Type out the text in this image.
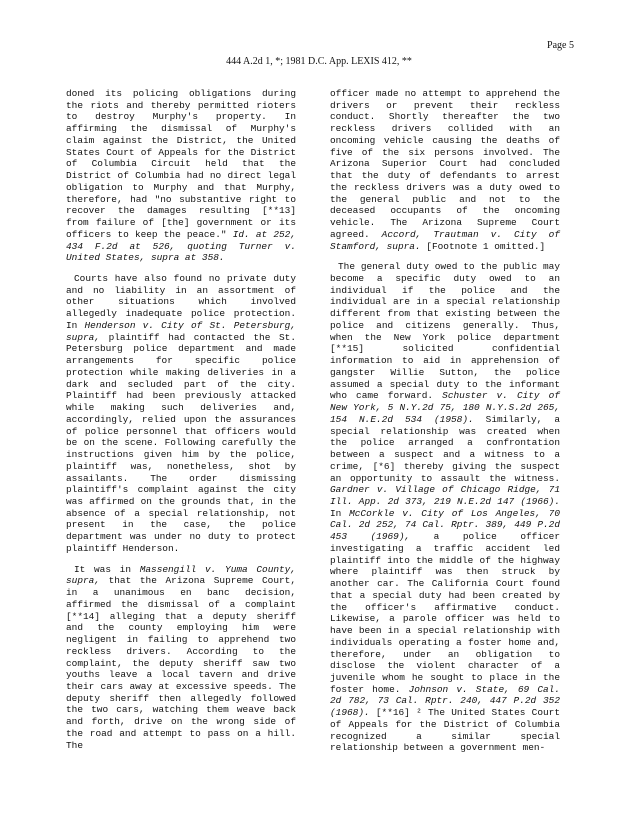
Page 5
444 A.2d 1, *; 1981 D.C. App. LEXIS 412, **

doned its policing obligations during the riots and thereby permitted rioters to destroy Murphy's property. In affirming the dismissal of Murphy's claim against the District, the United States Court of Appeals for the District of Columbia Circuit held that the District of Columbia had no direct legal obligation to Murphy and that Murphy, therefore, had "no substantive right to recover the damages resulting [**13] from failure of [the] government or its officers to keep the peace." Id. at 252, 434 F.2d at 526, quoting Turner v. United States, supra at 358.

Courts have also found no private duty and no liability in an assortment of other situations which involved allegedly inadequate police protection. In Henderson v. City of St. Petersburg, supra, plaintiff had contacted the St. Petersburg police department and made arrangements for specific police protection while making deliveries in a dark and secluded part of the city. Plaintiff had been previously attacked while making such deliveries and, accordingly, relied upon the assurances of police personnel that officers would be on the scene. Following carefully the instructions given him by the police, plaintiff was, nonetheless, shot by assailants. The order dismissing plaintiff's complaint against the city was affirmed on the grounds that, in the absence of a special relationship, not present in the case, the police department was under no duty to protect plaintiff Henderson.

It was in Massengill v. Yuma County, supra, that the Arizona Supreme Court, in a unanimous en banc decision, affirmed the dismissal of a complaint [**14] alleging that a deputy sheriff and the county employing him were negligent in failing to apprehend two reckless drivers. According to the complaint, the deputy sheriff saw two youths leave a local tavern and drive their cars away at excessive speeds. The deputy sheriff then allegedly followed the two cars, watching them weave back and forth, drive on the wrong side of the road and attempt to pass on a hill. The

officer made no attempt to apprehend the drivers or prevent their reckless conduct. Shortly thereafter the two reckless drivers collided with an oncoming vehicle causing the deaths of five of the six persons involved. The Arizona Superior Court had concluded that the duty of defendants to arrest the reckless drivers was a duty owed to the general public and not to the deceased occupants of the oncoming vehicle. The Arizona Supreme Court agreed. Accord, Trautman v. City of Stamford, supra. [Footnote 1 omitted.]

The general duty owed to the public may become a specific duty owed to an individual if the police and the individual are in a special relationship different from that existing between the police and citizens generally. Thus, when the New York police department [**15] solicited confidential information to aid in apprehension of gangster Willie Sutton, the police assumed a special duty to the informant who came forward. Schuster v. City of New York, 5 N.Y.2d 75, 180 N.Y.S.2d 265, 154 N.E.2d 534 (1958). Similarly, a special relationship was created when the police arranged a confrontation between a suspect and a witness to a crime, [*6] thereby giving the suspect an opportunity to assault the witness. Gardner v. Village of Chicago Ridge, 71 Ill. App. 2d 373, 219 N.E.2d 147 (1966). In McCorkle v. City of Los Angeles, 70 Cal. 2d 252, 74 Cal. Rptr. 389, 449 P.2d 453 (1969), a police officer investigating a traffic accident led plaintiff into the middle of the highway where plaintiff was then struck by another car. The California Court found that a special duty had been created by the officer's affirmative conduct. Likewise, a parole officer was held to have been in a special relationship with individuals operating a foster home and, therefore, under an obligation to disclose the violent character of a juvenile whom he sought to place in the foster home. Johnson v. State, 69 Cal. 2d 782, 73 Cal. Rptr. 240, 447 P.2d 352 (1968). [**16] ² The United States Court of Appeals for the District of Columbia recognized a similar special relationship between a government men-
